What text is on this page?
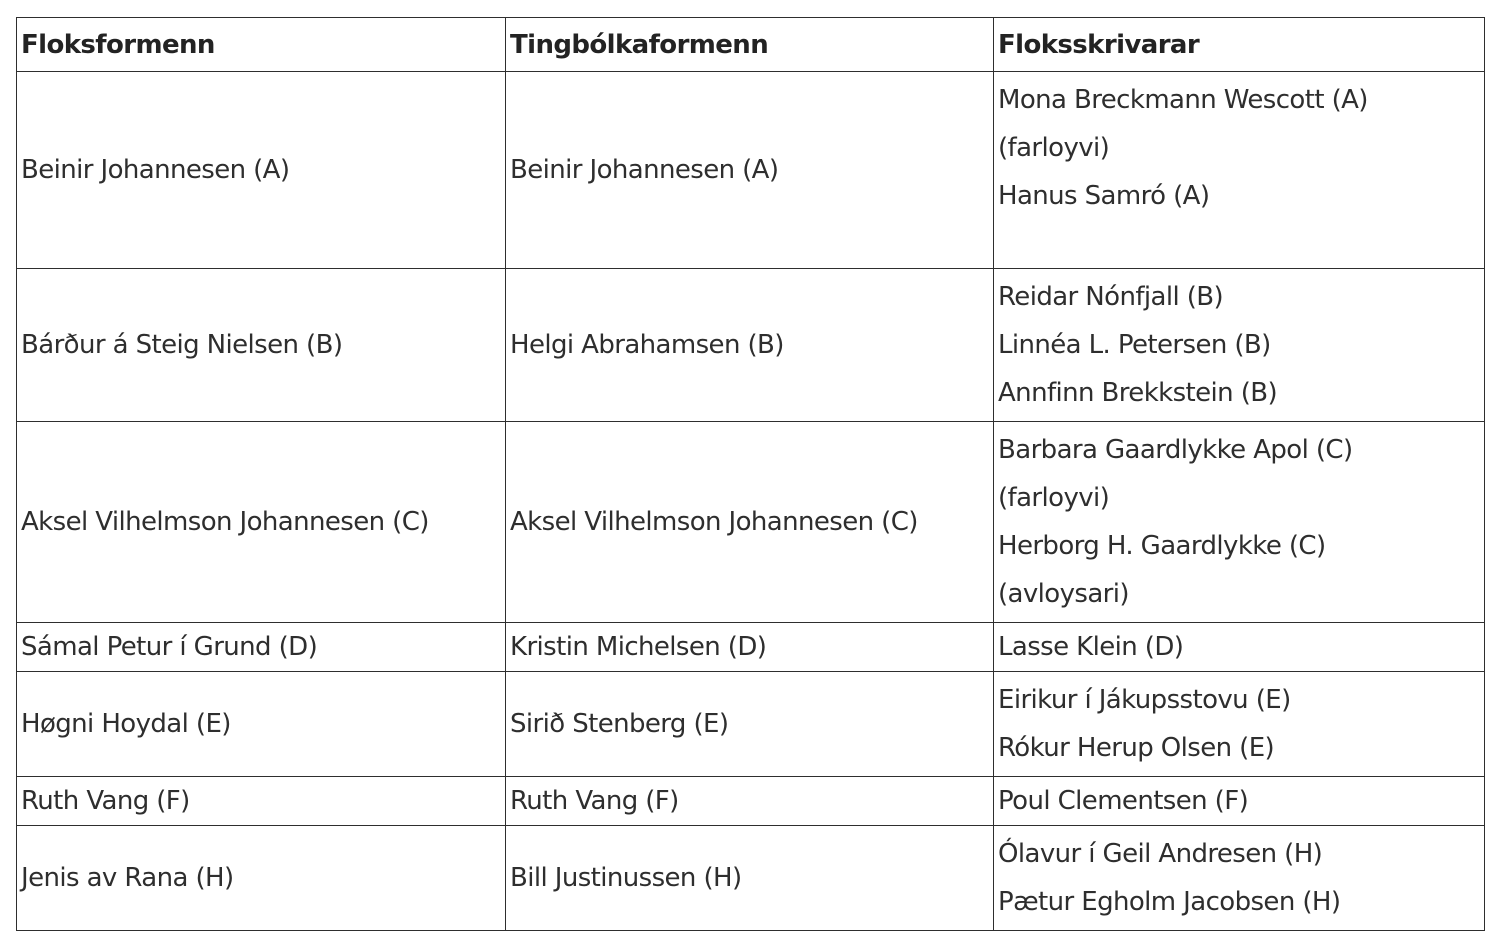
Floksformenn	Tingbólkaformenn	Floksskrivarar
Beinir Johannesen (A)	Beinir Johannesen (A)	Mona Breckmann Wescott (A)
(farloyvi)
Hanus Samró (A)

Bárður á Steig Nielsen (B)	Helgi Abrahamsen (B)	Reidar Nónfjall (B)
Linnéa L. Petersen (B)
Annfinn Brekkstein (B)

Aksel Vilhelmson Johannesen (C)	Aksel Vilhelmson Johannesen (C)	Barbara Gaardlykke Apol (C)
(farloyvi)
Herborg H. Gaardlykke (C)
(avloysari)

Sámal Petur í Grund (D)	Kristin Michelsen (D)	Lasse Klein (D)

Høgni Hoydal (E)	Sirið Stenberg (E)	Eirikur í Jákupsstovu (E)
Rókur Herup Olsen (E)

Ruth Vang (F)	Ruth Vang (F)	Poul Clementsen (F)

Jenis av Rana (H)	Bill Justinussen (H)	Ólavur í Geil Andresen (H)
Pætur Egholm Jacobsen (H)
